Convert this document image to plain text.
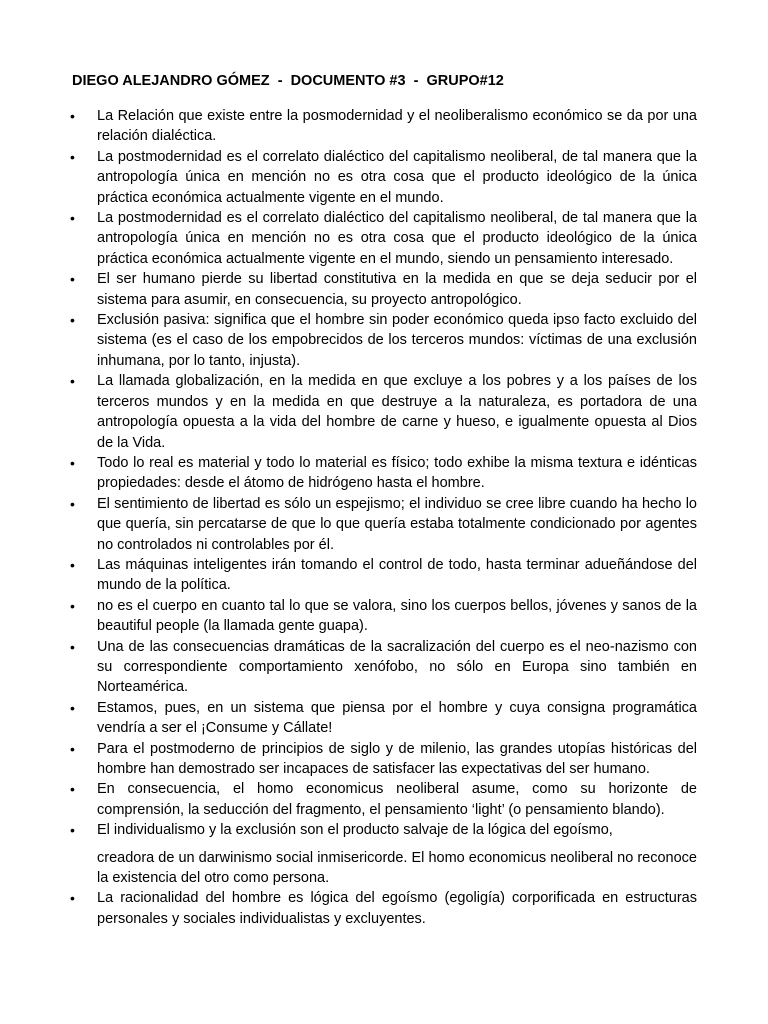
DIEGO ALEJANDRO GÓMEZ  -  DOCUMENTO #3  -  GRUPO#12
• La Relación que existe entre la posmodernidad y el neoliberalismo económico se da por una relación dialéctica.
• La postmodernidad es el correlato dialéctico del capitalismo neoliberal, de tal manera que la antropología única en mención no es otra cosa que el producto ideológico de la única práctica económica actualmente vigente en el mundo.
• La postmodernidad es el correlato dialéctico del capitalismo neoliberal, de tal manera que la antropología única en mención no es otra cosa que el producto ideológico de la única práctica económica actualmente vigente en el mundo, siendo un pensamiento interesado.
• El ser humano pierde su libertad constitutiva en la medida en que se deja seducir por el sistema para asumir, en consecuencia, su proyecto antropológico.
• Exclusión pasiva: significa que el hombre sin poder económico queda ipso facto excluido del sistema (es el caso de los empobrecidos de los terceros mundos: víctimas de una exclusión inhumana, por lo tanto, injusta).
• La llamada globalización, en la medida en que excluye a los pobres y a los países de los terceros mundos y en la medida en que destruye a la naturaleza, es portadora de una antropología opuesta a la vida del hombre de carne y hueso, e igualmente opuesta al Dios de la Vida.
• Todo lo real es material y todo lo material es físico; todo exhibe la misma textura e idénticas propiedades: desde el átomo de hidrógeno hasta el hombre.
• El sentimiento de libertad es sólo un espejismo; el individuo se cree libre cuando ha hecho lo que quería, sin percatarse de que lo que quería estaba totalmente condicionado por agentes no controlados ni controlables por él.
• Las máquinas inteligentes irán tomando el control de todo, hasta terminar adueñándose del mundo de la política.
• no es el cuerpo en cuanto tal lo que se valora, sino los cuerpos bellos, jóvenes y sanos de la beautiful people (la llamada gente guapa).
• Una de las consecuencias dramáticas de la sacralización del cuerpo es el neo-nazismo con su correspondiente comportamiento xenófobo, no sólo en Europa sino también en Norteamérica.
• Estamos, pues, en un sistema que piensa por el hombre y cuya consigna programática vendría a ser el ¡Consume y Cállate!
• Para el postmoderno de principios de siglo y de milenio, las grandes utopías históricas del hombre han demostrado ser incapaces de satisfacer las expectativas del ser humano.
• En consecuencia, el homo economicus neoliberal asume, como su horizonte de comprensión, la seducción del fragmento, el pensamiento ‘light’ (o pensamiento blando).
• El individualismo y la exclusión son el producto salvaje de la lógica del egoísmo,
creadora de un darwinismo social inmisericorde. El homo economicus neoliberal no reconoce la existencia del otro como persona.
• La racionalidad del hombre es lógica del egoísmo (egoligía) corporificada en estructuras personales y sociales individualistas y excluyentes.
